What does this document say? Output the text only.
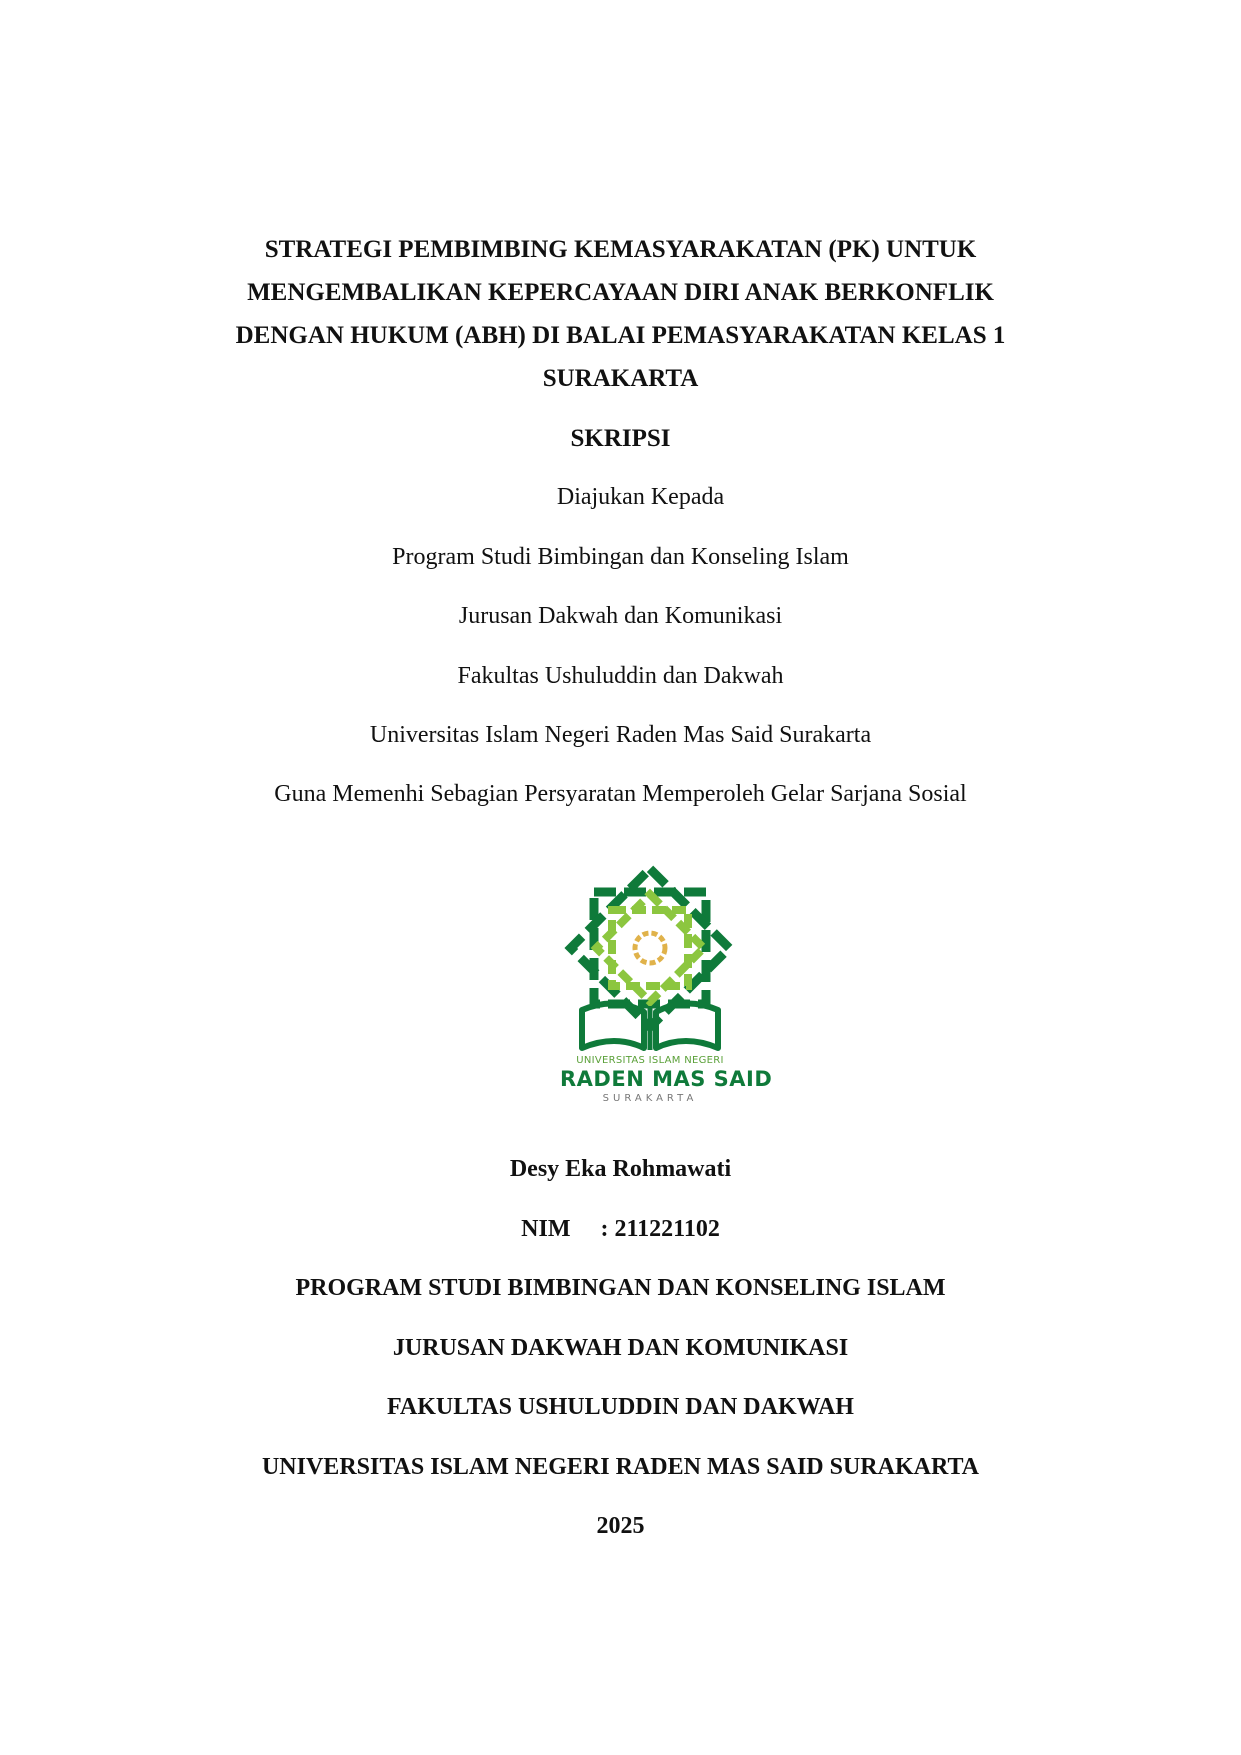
STRATEGI PEMBIMBING KEMASYARAKATAN (PK) UNTUK
MENGEMBALIKAN KEPERCAYAAN DIRI ANAK BERKONFLIK
DENGAN HUKUM (ABH) DI BALAI PEMASYARAKATAN KELAS 1
SURAKARTA
SKRIPSI
Diajukan Kepada
Program Studi Bimbingan dan Konseling Islam
Jurusan Dakwah dan Komunikasi
Fakultas Ushuluddin dan Dakwah
Universitas Islam Negeri Raden Mas Said Surakarta
Guna Memenhi Sebagian Persyaratan Memperoleh Gelar Sarjana Sosial
UNIVERSITAS ISLAM NEGERI
RADEN MAS SAID
SURAKARTA
Desy Eka Rohmawati
NIM : 211221102
PROGRAM STUDI BIMBINGAN DAN KONSELING ISLAM
JURUSAN DAKWAH DAN KOMUNIKASI
FAKULTAS USHULUDDIN DAN DAKWAH
UNIVERSITAS ISLAM NEGERI RADEN MAS SAID SURAKARTA
2025
